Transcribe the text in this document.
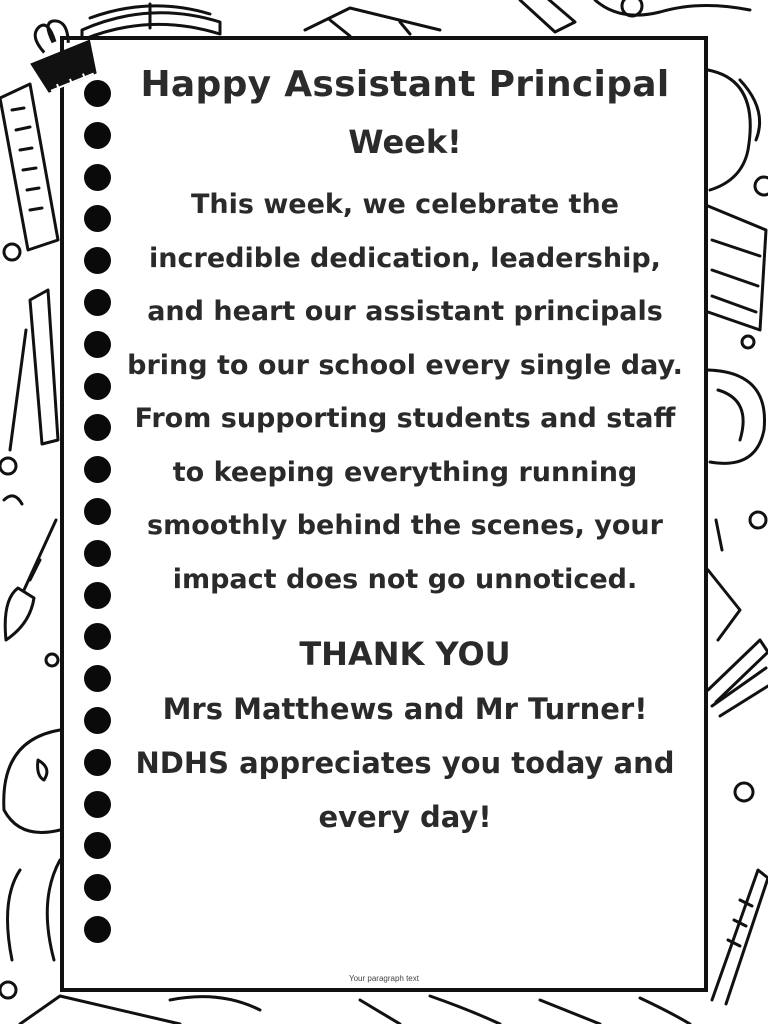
Happy Assistant Principal
Week!

This week, we celebrate the incredible dedication, leadership, and heart our assistant principals bring to our school every single day. From supporting students and staff to keeping everything running smoothly behind the scenes, your impact does not go unnoticed.

THANK YOU

Mrs Matthews and Mr Turner!

NDHS appreciates you today and every day!

Your paragraph text
